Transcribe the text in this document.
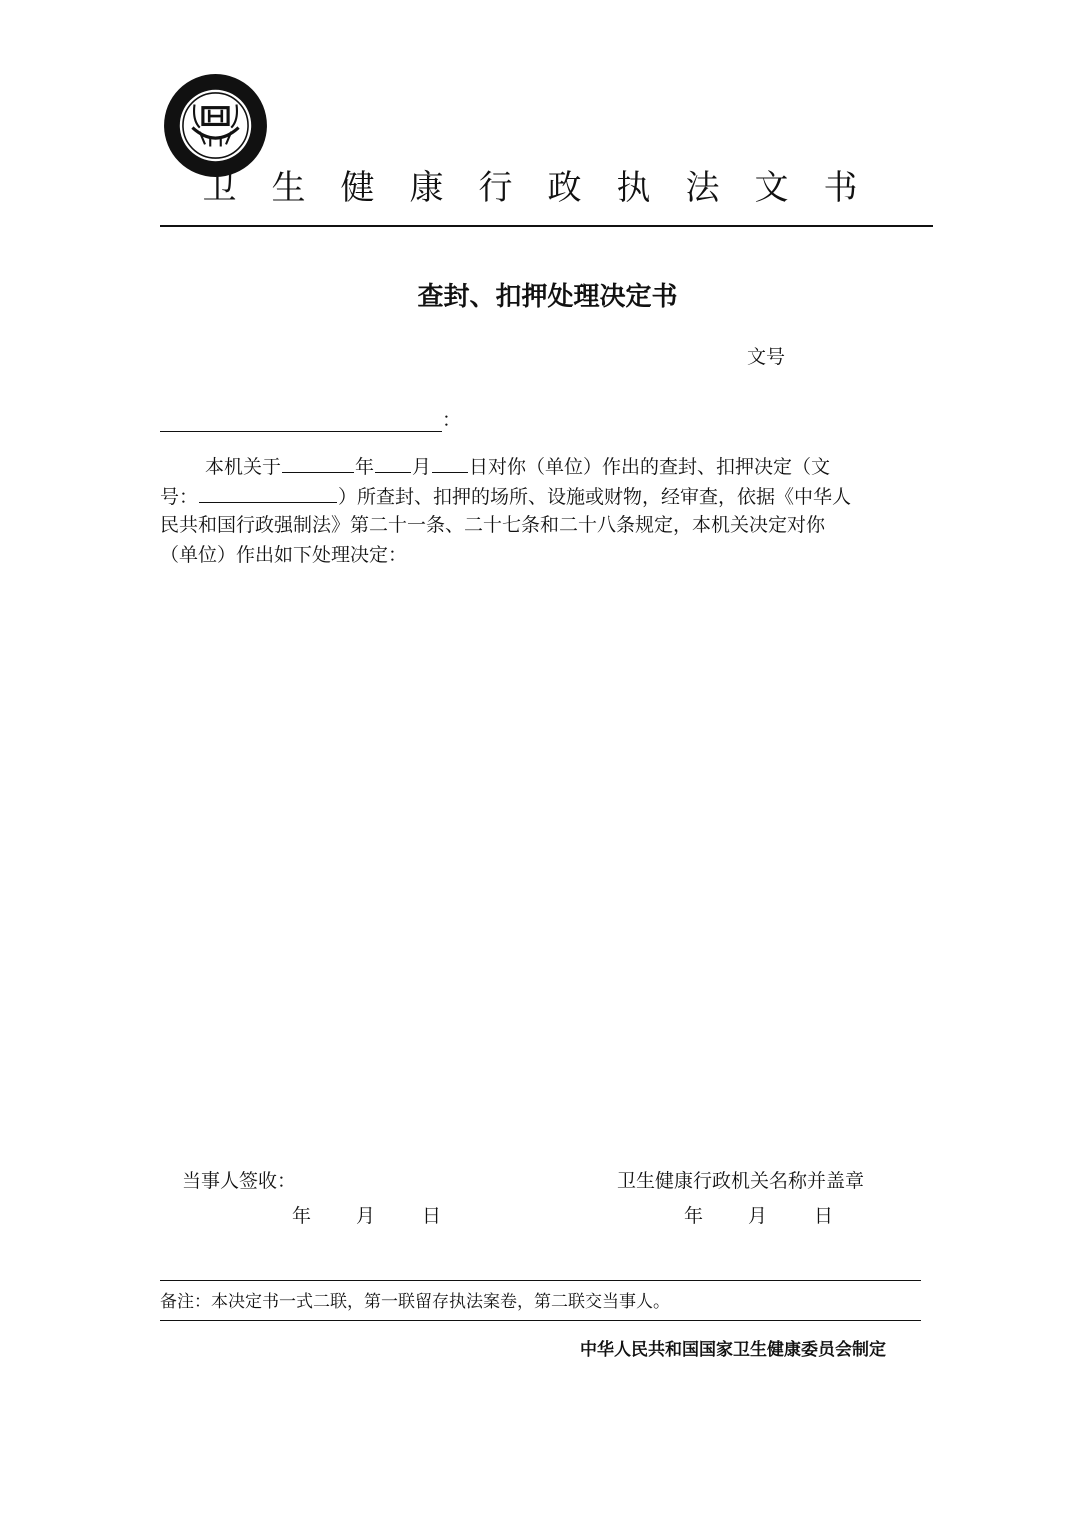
卫生健康行政执法文书
查封、扣押处理决定书
文号
：
本机关于	年 月 日对你（单位）作出的查封、扣押决定（文
号：	）所查封、扣押的场所、设施或财物，经审查，依据《中华人
民共和国行政强制法》第二十一条、二十七条和二十八条规定，本机关决定对你
（单位）作出如下处理决定：
当事人签收：
年 月 日
卫生健康行政机关名称并盖章
年 月 日
备注：本决定书一式二联，第一联留存执法案卷，第二联交当事人。
中华人民共和国国家卫生健康委员会制定
